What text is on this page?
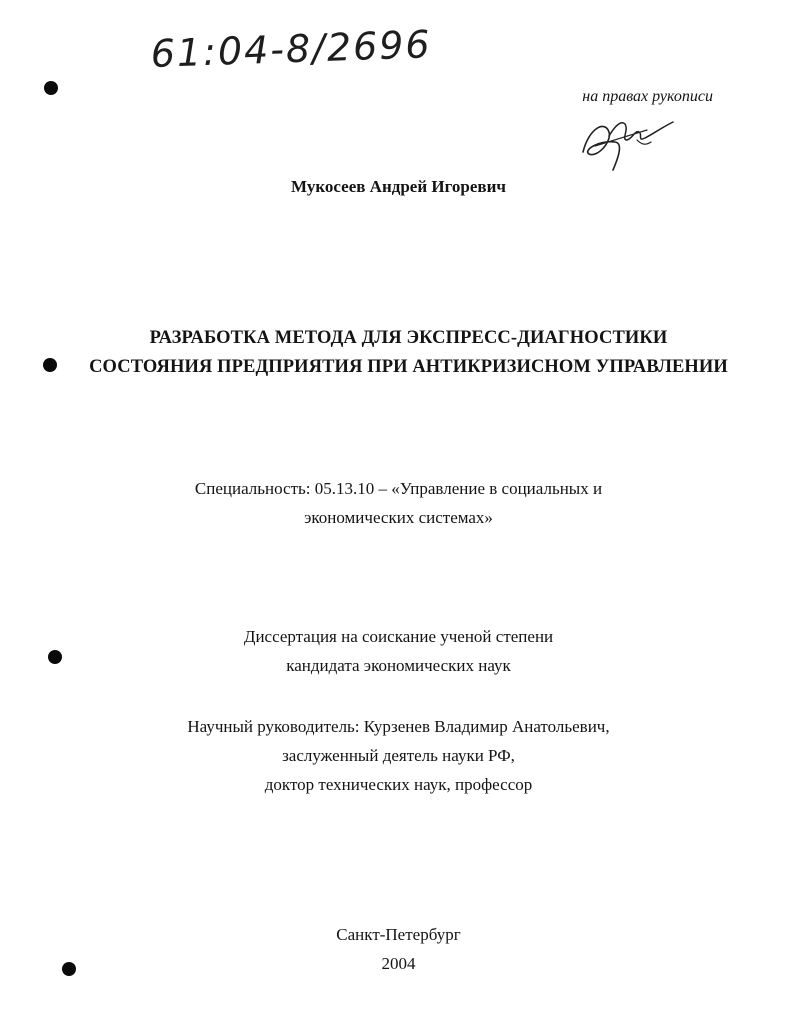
61:04-8/2696
на правах рукописи
Мукосеев Андрей Игоревич
РАЗРАБОТКА МЕТОДА ДЛЯ ЭКСПРЕСС-ДИАГНОСТИКИ
СОСТОЯНИЯ ПРЕДПРИЯТИЯ ПРИ АНТИКРИЗИСНОМ УПРАВЛЕНИИ
Специальность: 05.13.10 – «Управление в социальных и
экономических системах»
Диссертация на соискание ученой степени
кандидата экономических наук
Научный руководитель: Курзенев Владимир Анатольевич,
заслуженный деятель науки РФ,
доктор технических наук, профессор
Санкт-Петербург
2004
